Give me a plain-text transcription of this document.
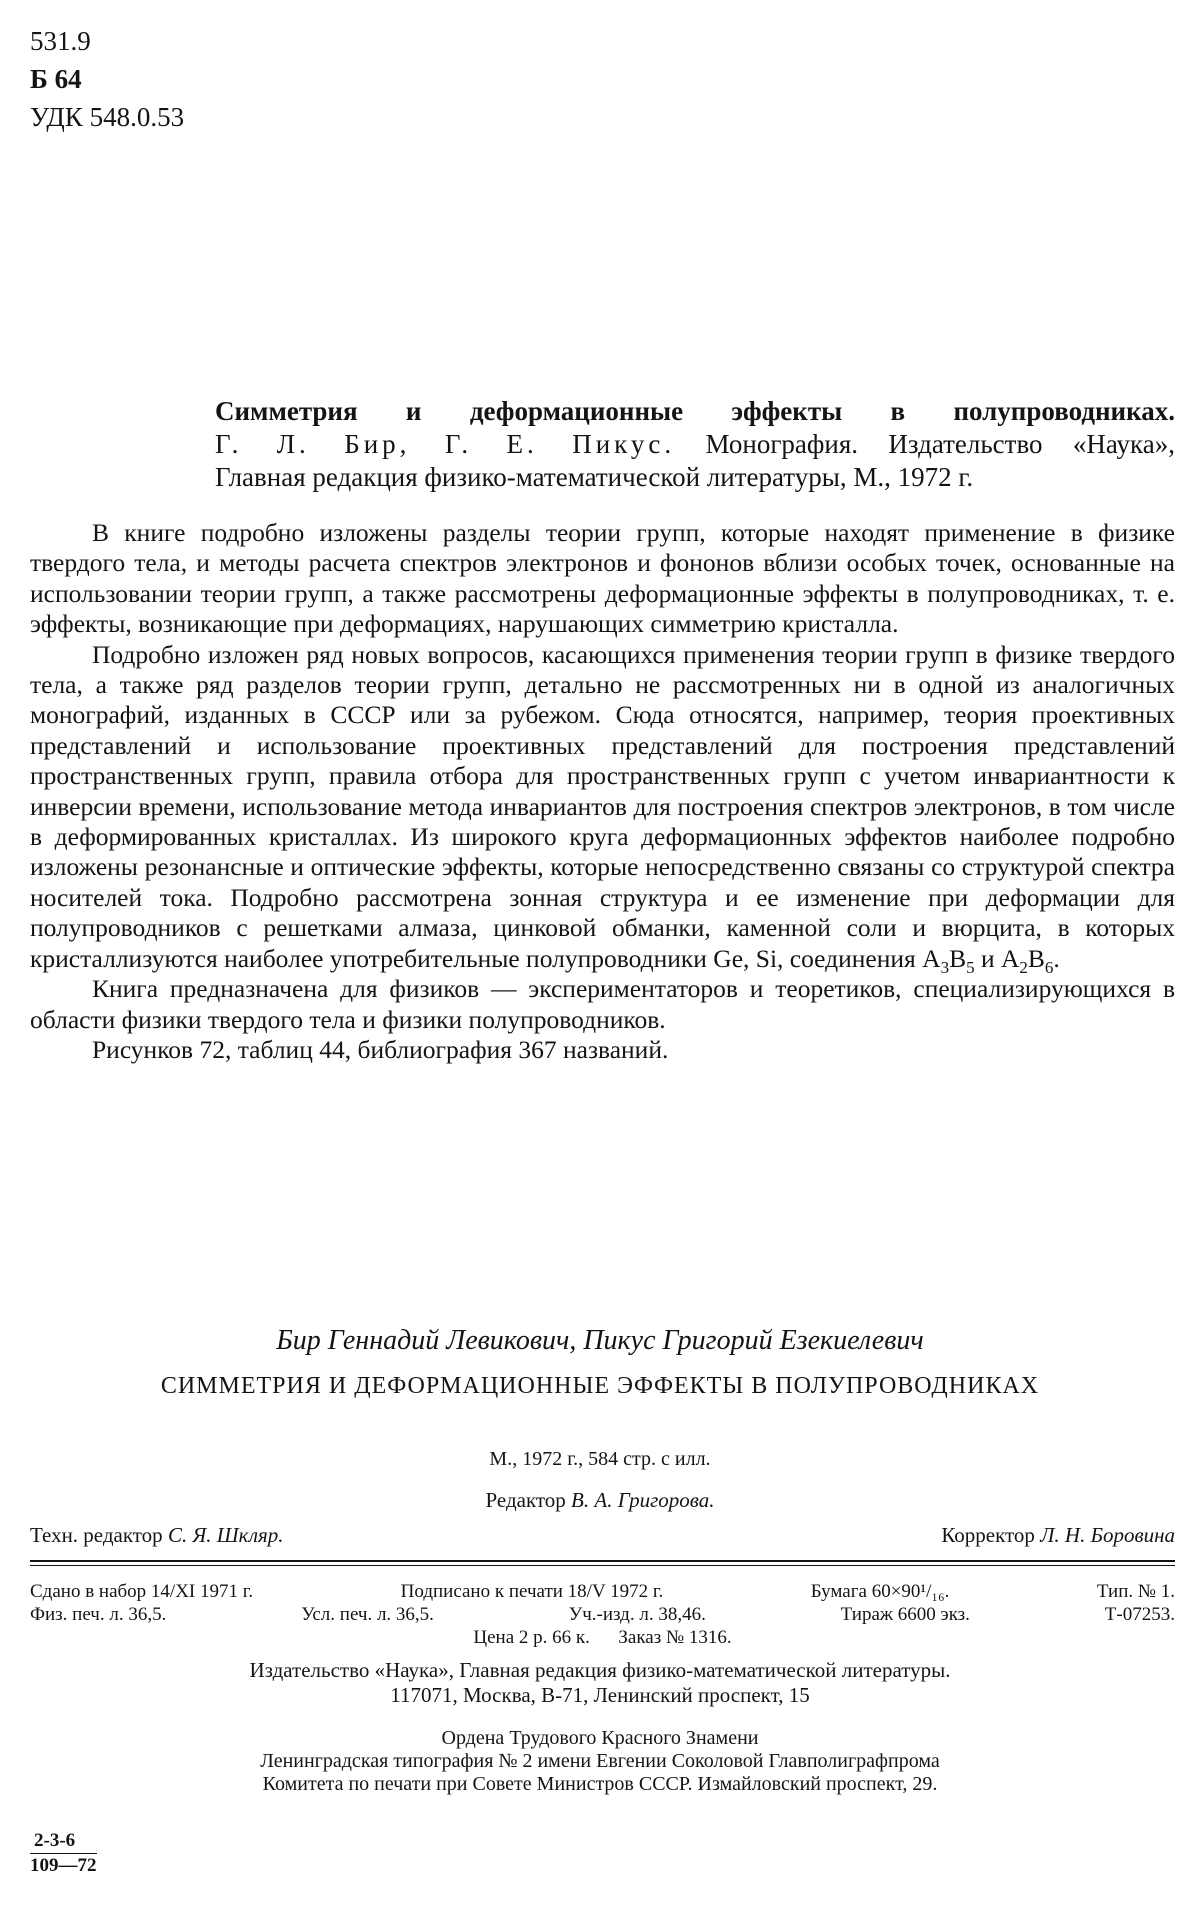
531.9
Б 64
УДК 548.0.53
Симметрия и деформационные эффекты в полупроводниках.
Г. Л. Бир, Г. Е. Пикус. Монография. Издательство «Наука»,
Главная редакция физико-математической литературы, М., 1972 г.

В книге подробно изложены разделы теории групп, которые находят применение в физике твердого тела, и методы расчета спектров электронов и фононов вблизи особых точек, основанные на использовании теории групп, а также рассмотрены деформационные эффекты в полупроводниках, т. е. эффекты, возникающие при деформациях, нарушающих симметрию кристалла.

Подробно изложен ряд новых вопросов, касающихся применения теории групп в физике твердого тела, а также ряд разделов теории групп, детально не рассмотренных ни в одной из аналогичных монографий, изданных в СССР или за рубежом. Сюда относятся, например, теория проективных представлений и использование проективных представлений для построения представлений пространственных групп, правила отбора для пространственных групп с учетом инвариантности к инверсии времени, использование метода инвариантов для построения спектров электронов, в том числе в деформированных кристаллах. Из широкого круга деформационных эффектов наиболее подробно изложены резонансные и оптические эффекты, которые непосредственно связаны со структурой спектра носителей тока. Подробно рассмотрена зонная структура и ее изменение при деформации для полупроводников с решетками алмаза, цинковой обманки, каменной соли и вюрцита, в которых кристаллизуются наиболее употребительные полупроводники Ge, Si, соединения $A_3B_5$ и $A_2B_6$.

Книга предназначена для физиков — экспериментаторов и теоретиков, специализирующихся в области физики твердого тела и физики полупроводников.

Рисунков 72, таблиц 44, библиография 367 названий.

Бир Геннадий Левикович, Пикус Григорий Езекиелевич
СИММЕТРИЯ И ДЕФОРМАЦИОННЫЕ ЭФФЕКТЫ В ПОЛУПРОВОДНИКАХ
М., 1972 г., 584 стр. с илл.
Редактор В. А. Григорова.
Техн. редактор С. Я. Шкляр.	Корректор Л. Н. Боровина
Сдано в набор 14/XI 1971 г.	Подписано к печати 18/V 1972 г.	Бумага 60×90¹/₁₆.	Тип. № 1.
Физ. печ. л. 36,5.	Усл. печ. л. 36,5.	Уч.-изд. л. 38,46.	Тираж 6600 экз.	Т-07253.
Цена 2 р. 66 к.      Заказ № 1316.
Издательство «Наука», Главная редакция физико-математической литературы.
117071, Москва, В-71, Ленинский проспект, 15
Ордена Трудового Красного Знамени
Ленинградская типография № 2 имени Евгении Соколовой Главполиграфпрома
Комитета по печати при Совете Министров СССР. Измайловский проспект, 29.
$\frac{2-3-6}{109—72}$
